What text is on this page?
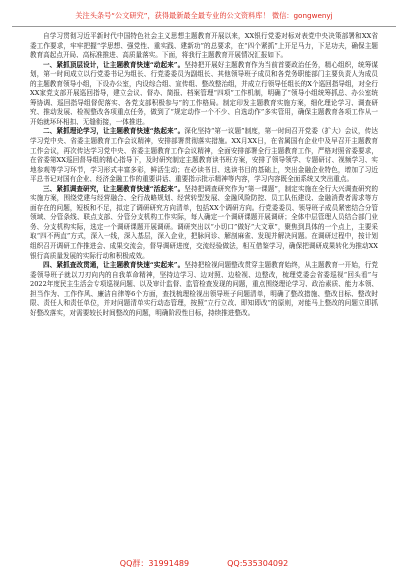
关注头条号“公文研究”，获得最新最全最专业的公文资料库！ 微信：gongwenyj

自学习贯彻习近平新时代中国特色社会主义思想主题教育开展以来，XX银行党委对标对表党中央决策部署和XX省委工作要求，牢牢把握“学思想、强党性、重实践、建新功”的总要求，在“四个紧抓”上开足马力，下足功夫，确保主题教育高起点开局、高标准推进、高质量落实。下面，将我行主题教育开展情况汇报如下。

一、紧抓顶层设计，让主题教育快速“动起来”。坚持把开展好主题教育作为当前首要政治任务，精心组织，统筹谋划，第一时间成立以行党委书记为组长、行党委委员为副组长、其他领导班子成员和各党务职能部门主要负责人为成员的主题教育领导小组，下设办公室，内设综合组、宣传组、整改整治组，并成立行领导任组长的X个巡回指导组，对全行XX家党支部开展巡回指导，建立会议、督办、简报、档案管理“四项”工作机制，明确了“领导小组统筹抓总、办公室统筹协调、巡回指导组督促落实、各党支部积极参与”的工作格局。制定印发主题教育实施方案，细化理论学习、调查研究、推动发展、检视整改各项重点任务，做到了“规定动作一个不少、自选动作”多实管用，确保主题教育各项工作从一开始就环环相扣、无缝衔接，一体推进。

二、紧抓理论学习，让主题教育快速“热起来”。深化坚持“第一议题”制度，第一时间召开党委（扩大）会议，传达学习党中央、省委主题教育工作会议精神，安排部署贯彻落实措施。XX月XX日，在省属国有企业中及早召开主题教育工作会议，再次传达学习党中央、省委主题教育工作会议精神，全面安排部署全行主题教育工作，严格对照省委要求，在省委第XX巡回督导组的精心指导下，及时研究制定主题教育读书班方案，安排了领导领学、专题研讨、视频学习、实地参观等学习环节，学习形式丰富多彩，鲜活生动；在必读书目、选读书目的基础上，突出金融企业特色，增加了习近平总书记对国有企业、经济金融工作的重要讲话、重要指示批示精神等内容，学习内容既全面系统又突出重点。

三、紧抓调查研究，让主题教育快速“活起来”。坚持把调查研究作为“第一课题”，制定实施在全行大兴调查研究的实施方案，围绕党建与经营融合、全行战略规划、经营转型发展、金融风险防控、员工队伍建设、金融消费者需求等方面存在的问题，短板和不足，拟定了调研研究方向清单，包括XX个调研方向。行党委委员、领导班子成员紧密结合分管领域、分管条线、联点支部、分管分支机构工作实际，每人确定一个调研课题开展调研；全体中层管理人员结合部门业务、分支机构实际，选定一个调研课题开展调研。调研突出以“小切口”做好“大文章”，聚焦到具体的一个点上，主要采取“四不两直”方式，深入一线，深入基层，深入企业，把脉问诊、解剖麻雀、发现并解决问题。在调研过程中，按计划组织召开调研工作推进会、成果交流会，督导调研进度，交流经验做法，相互借鉴学习，确保把调研成果转化为推动XX银行高质量发展的实际行动和积极成效。

四、紧抓查改贯通，让主题教育快速“实起来”。坚持把检视问题整改贯穿主题教育始终，从主题教育一开始，行党委领导班子就以刀刃向内的自我革命精神，坚持边学习、边对照、边检视、边整改，梳理党委会省委巡视“回头看”与2022年度民主生活会专项巡视问题、以及审计监督、监管检查发现的问题，重点围绕理论学习、政治素质、能力本领、担当作为、工作作风、廉洁自律等6个方面，查找梳理检视出领导班子问题清单，明确了整改措施、整改目标、整改时限、责任人和责任单位，并对问题清单实行动态管理，按照“立行立改、即知即改”的原则，对能马上整改的问题立即抓好整改落实，对需要较长时间整改的问题，明确阶段性目标，持续推进整改。

QQ群：31991489	QQ:535304092
